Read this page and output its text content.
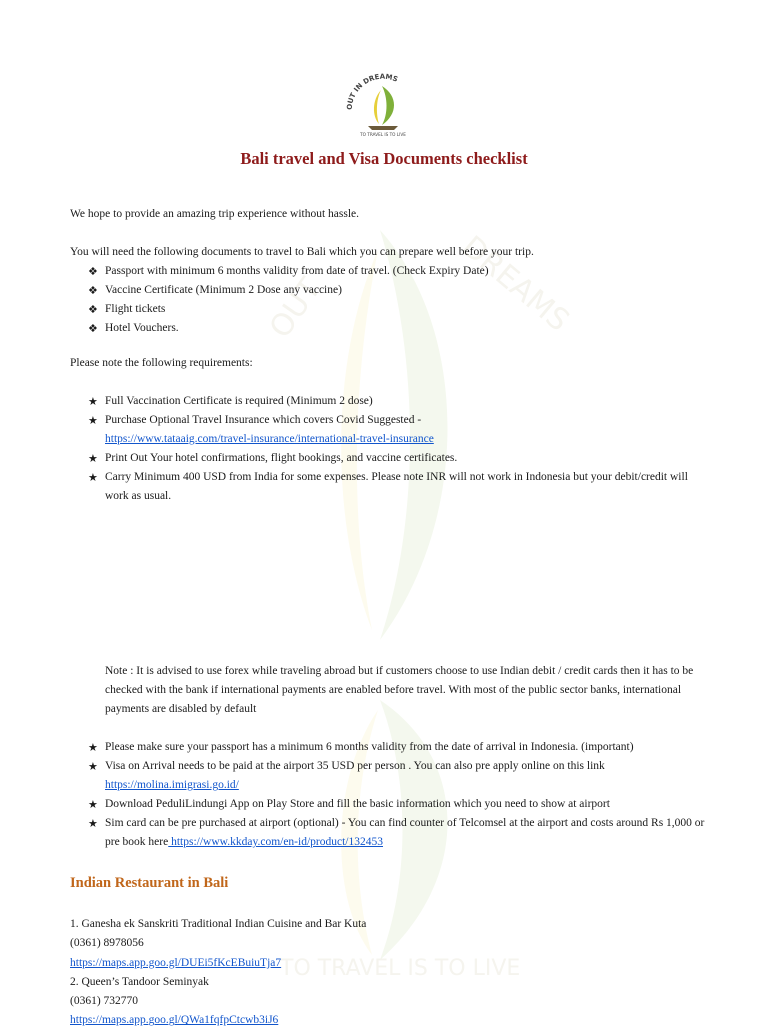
OUT	DREAMS
TO TRAVEL IS TO LIVE
OUT IN DREAMS
TO TRAVEL IS TO LIVE
Bali travel and Visa Documents checklist

We hope to provide an amazing trip experience without hassle.

You will need the following documents to travel to Bali which you can prepare well before your trip.

❖ Passport with minimum 6 months validity from date of travel. (Check Expiry Date)
❖ Vaccine Certificate (Minimum 2 Dose any vaccine)
❖ Flight tickets
❖ Hotel Vouchers.

Please note the following requirements:

★ Full Vaccination Certificate is required (Minimum 2 dose)
★ Purchase Optional Travel Insurance which covers Covid Suggested -
https://www.tataaig.com/travel-insurance/international-travel-insurance
★ Print Out Your hotel confirmations, flight bookings, and vaccine certificates.
★ Carry Minimum 400 USD from India for some expenses. Please note INR will not work in Indonesia but your debit/credit will work as usual.

Note : It is advised to use forex while traveling abroad but if customers choose to use Indian debit / credit cards then it has to be checked with the bank if international payments are enabled before travel. With most of the public sector banks, international payments are disabled by default

★ Please make sure your passport has a minimum 6 months validity from the date of arrival in Indonesia. (important)
★ Visa on Arrival needs to be paid at the airport 35 USD per person . You can also pre apply online on this link
https://molina.imigrasi.go.id/
★ Download PeduliLindungi App on Play Store and fill the basic information which you need to show at airport
★ Sim card can be pre purchased at airport (optional) - You can find counter of Telcomsel at the airport and costs around Rs 1,000 or pre book here https://www.kkday.com/en-id/product/132453
Indian Restaurant in Bali
1. Ganesha ek Sanskriti Traditional Indian Cuisine and Bar Kuta
(0361) 8978056
https://maps.app.goo.gl/DUEi5fKcEBuiuTja7
2. Queen’s Tandoor Seminyak
(0361) 732770
https://maps.app.goo.gl/QWa1fqfpCtcwb3iJ6
